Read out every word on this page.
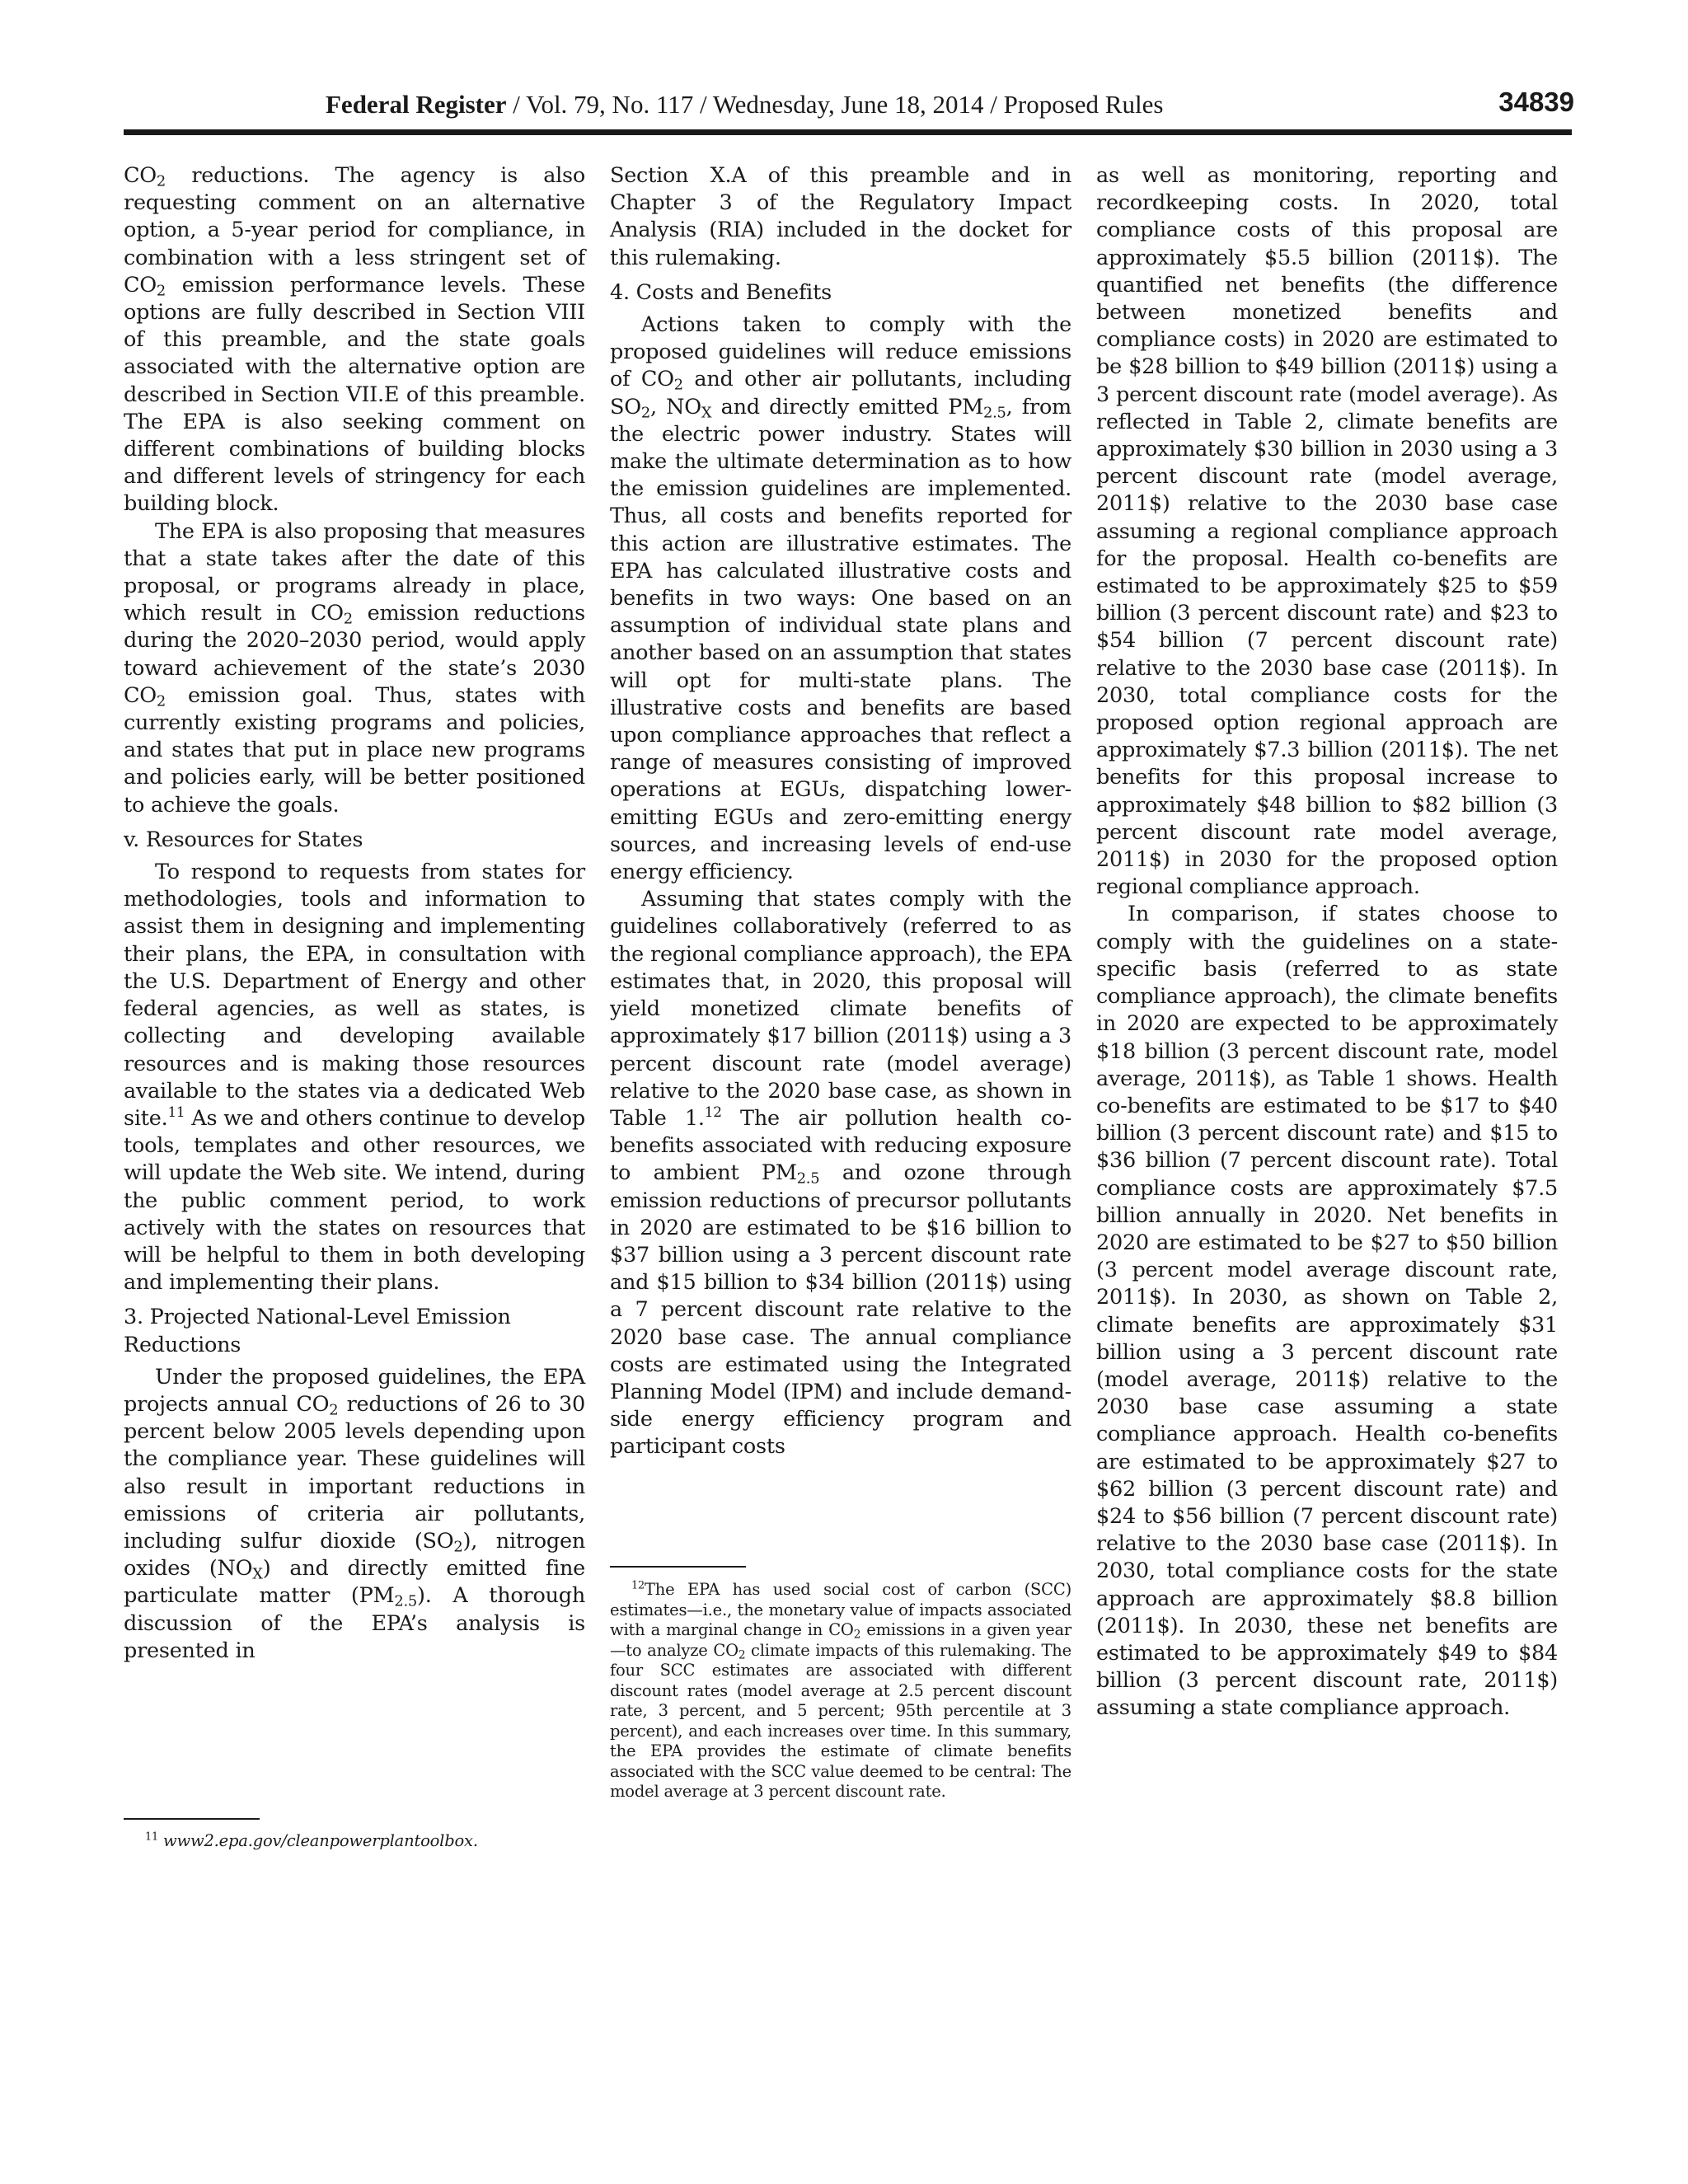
Federal Register / Vol. 79, No. 117 / Wednesday, June 18, 2014 / Proposed Rules	34839

$CO_2$ reductions. The agency is also requesting comment on an alternative option, a 5-year period for compliance, in combination with a less stringent set of $CO_2$ emission performance levels. These options are fully described in Section VIII of this preamble, and the state goals associated with the alternative option are described in Section VII.E of this preamble. The EPA is also seeking comment on different combinations of building blocks and different levels of stringency for each building block.

The EPA is also proposing that measures that a state takes after the date of this proposal, or programs already in place, which result in $CO_2$ emission reductions during the 2020–2030 period, would apply toward achievement of the state’s 2030 $CO_2$ emission goal. Thus, states with currently existing programs and policies, and states that put in place new programs and policies early, will be better positioned to achieve the goals.

v. Resources for States

To respond to requests from states for methodologies, tools and information to assist them in designing and implementing their plans, the EPA, in consultation with the U.S. Department of Energy and other federal agencies, as well as states, is collecting and developing available resources and is making those resources available to the states via a dedicated Web site.$^{11}$ As we and others continue to develop tools, templates and other resources, we will update the Web site. We intend, during the public comment period, to work actively with the states on resources that will be helpful to them in both developing and implementing their plans.

3. Projected National-Level Emission Reductions

Under the proposed guidelines, the EPA projects annual $CO_2$ reductions of 26 to 30 percent below 2005 levels depending upon the compliance year. These guidelines will also result in important reductions in emissions of criteria air pollutants, including sulfur dioxide $(SO_2)$, nitrogen oxides $(NO_X)$ and directly emitted fine particulate matter $(PM_{2.5})$. A thorough discussion of the EPA’s analysis is presented in

$^{11}$ www2.epa.gov/cleanpowerplantoolbox.

Section X.A of this preamble and in Chapter 3 of the Regulatory Impact Analysis (RIA) included in the docket for this rulemaking.

4. Costs and Benefits

Actions taken to comply with the proposed guidelines will reduce emissions of $CO_2$ and other air pollutants, including $SO_2$, $NO_X$ and directly emitted $PM_{2.5}$, from the electric power industry. States will make the ultimate determination as to how the emission guidelines are implemented. Thus, all costs and benefits reported for this action are illustrative estimates. The EPA has calculated illustrative costs and benefits in two ways: One based on an assumption of individual state plans and another based on an assumption that states will opt for multi-state plans. The illustrative costs and benefits are based upon compliance approaches that reflect a range of measures consisting of improved operations at EGUs, dispatching lower-emitting EGUs and zero-emitting energy sources, and increasing levels of end-use energy efficiency.

Assuming that states comply with the guidelines collaboratively (referred to as the regional compliance approach), the EPA estimates that, in 2020, this proposal will yield monetized climate benefits of approximately $17 billion (2011$) using a 3 percent discount rate (model average) relative to the 2020 base case, as shown in Table 1.12 The air pollution health co-benefits associated with reducing exposure to ambient $PM_{2.5}$ and ozone through emission reductions of precursor pollutants in 2020 are estimated to be $16 billion to $37 billion using a 3 percent discount rate and $15 billion to $34 billion (2011$) using a 7 percent discount rate relative to the 2020 base case. The annual compliance costs are estimated using the Integrated Planning Model (IPM) and include demand-side energy efficiency program and participant costs

$^{12}$The EPA has used social cost of carbon (SCC) estimates—i.e., the monetary value of impacts associated with a marginal change in $CO_2$ emissions in a given year—to analyze $CO_2$ climate impacts of this rulemaking. The four SCC estimates are associated with different discount rates (model average at 2.5 percent discount rate, 3 percent, and 5 percent; 95th percentile at 3 percent), and each increases over time. In this summary, the EPA provides the estimate of climate benefits associated with the SCC value deemed to be central: The model average at 3 percent discount rate.

as well as monitoring, reporting and recordkeeping costs. In 2020, total compliance costs of this proposal are approximately $5.5 billion (2011$). The quantified net benefits (the difference between monetized benefits and compliance costs) in 2020 are estimated to be $28 billion to $49 billion (2011$) using a 3 percent discount rate (model average). As reflected in Table 2, climate benefits are approximately $30 billion in 2030 using a 3 percent discount rate (model average, 2011$) relative to the 2030 base case assuming a regional compliance approach for the proposal. Health co-benefits are estimated to be approximately $25 to $59 billion (3 percent discount rate) and $23 to $54 billion (7 percent discount rate) relative to the 2030 base case (2011$). In 2030, total compliance costs for the proposed option regional approach are approximately $7.3 billion (2011$). The net benefits for this proposal increase to approximately $48 billion to $82 billion (3 percent discount rate model average, 2011$) in 2030 for the proposed option regional compliance approach.

In comparison, if states choose to comply with the guidelines on a state-specific basis (referred to as state compliance approach), the climate benefits in 2020 are expected to be approximately $18 billion (3 percent discount rate, model average, 2011$), as Table 1 shows. Health co-benefits are estimated to be $17 to $40 billion (3 percent discount rate) and $15 to $36 billion (7 percent discount rate). Total compliance costs are approximately $7.5 billion annually in 2020. Net benefits in 2020 are estimated to be $27 to $50 billion (3 percent model average discount rate, 2011$). In 2030, as shown on Table 2, climate benefits are approximately $31 billion using a 3 percent discount rate (model average, 2011$) relative to the 2030 base case assuming a state compliance approach. Health co-benefits are estimated to be approximately $27 to $62 billion (3 percent discount rate) and $24 to $56 billion (7 percent discount rate) relative to the 2030 base case (2011$). In 2030, total compliance costs for the state approach are approximately $8.8 billion (2011$). In 2030, these net benefits are estimated to be approximately $49 to $84 billion (3 percent discount rate, 2011$) assuming a state compliance approach.
